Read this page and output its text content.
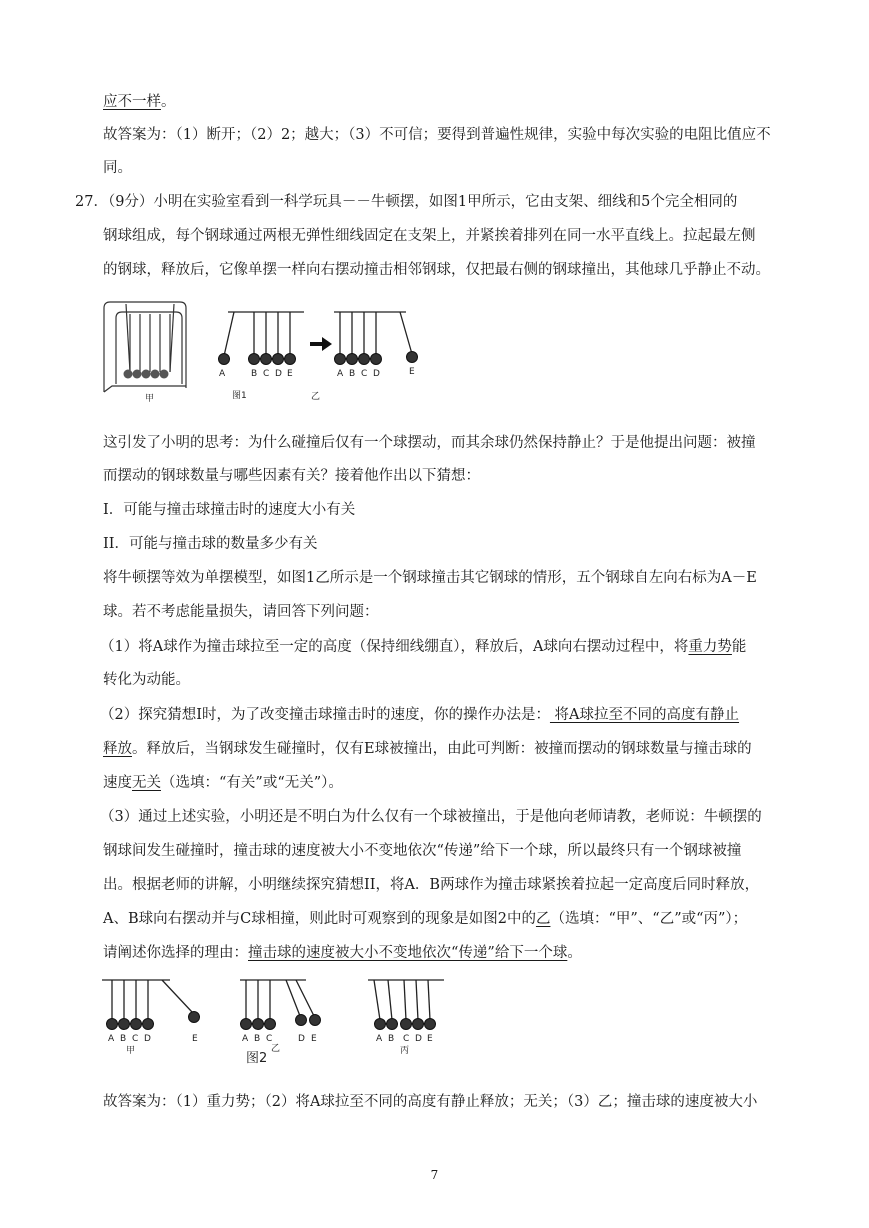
应不一样。
故答案为：（1）断开；（2）2；越大；（3）不可信；要得到普遍性规律，实验中每次实验的电阻比值应不
同。
27．（9分）小明在实验室看到一科学玩具－－牛顿摆，如图1甲所示，它由支架、细线和5个完全相同的
钢球组成，每个钢球通过两根无弹性细线固定在支架上，并紧挨着排列在同一水平直线上。拉起最左侧
的钢球，释放后，它像单摆一样向右摆动撞击相邻钢球，仅把最右侧的钢球撞出，其他球几乎静止不动。
甲
A	B C D E
图1
A B C D	E
乙
这引发了小明的思考：为什么碰撞后仅有一个球摆动，而其余球仍然保持静止？于是他提出问题：被撞
而摆动的钢球数量与哪些因素有关？接着他作出以下猜想：
I．可能与撞击球撞击时的速度大小有关
II．可能与撞击球的数量多少有关
将牛顿摆等效为单摆模型，如图1乙所示是一个钢球撞击其它钢球的情形，五个钢球自左向右标为A－E
球。若不考虑能量损失，请回答下列问题：
（1）将A球作为撞击球拉至一定的高度（保持细线绷直），释放后，A球向右摆动过程中，将重力势能
转化为动能。
（2）探究猜想I时，为了改变撞击球撞击时的速度，你的操作办法是： 将A球拉至不同的高度有静止
释放。释放后，当钢球发生碰撞时，仅有E球被撞出，由此可判断：被撞而摆动的钢球数量与撞击球的
速度无关（选填：“有关”或“无关”）。
（3）通过上述实验，小明还是不明白为什么仅有一个球被撞出，于是他向老师请教，老师说：牛顿摆的
钢球间发生碰撞时，撞击球的速度被大小不变地依次“传递”给下一个球，所以最终只有一个钢球被撞
出。根据老师的讲解，小明继续探究猜想II，将A．B两球作为撞击球紧挨着拉起一定高度后同时释放，
A、B球向右摆动并与C球相撞，则此时可观察到的现象是如图2中的乙（选填：“甲”、“乙”或“丙”）；
请阐述你选择的理由：撞击球的速度被大小不变地依次“传递”给下一个球。
A B C D	E
甲
A B C	D E
乙
图2
A B C D E
丙
故答案为：（1）重力势；（2）将A球拉至不同的高度有静止释放；无关；（3）乙；撞击球的速度被大小
7
